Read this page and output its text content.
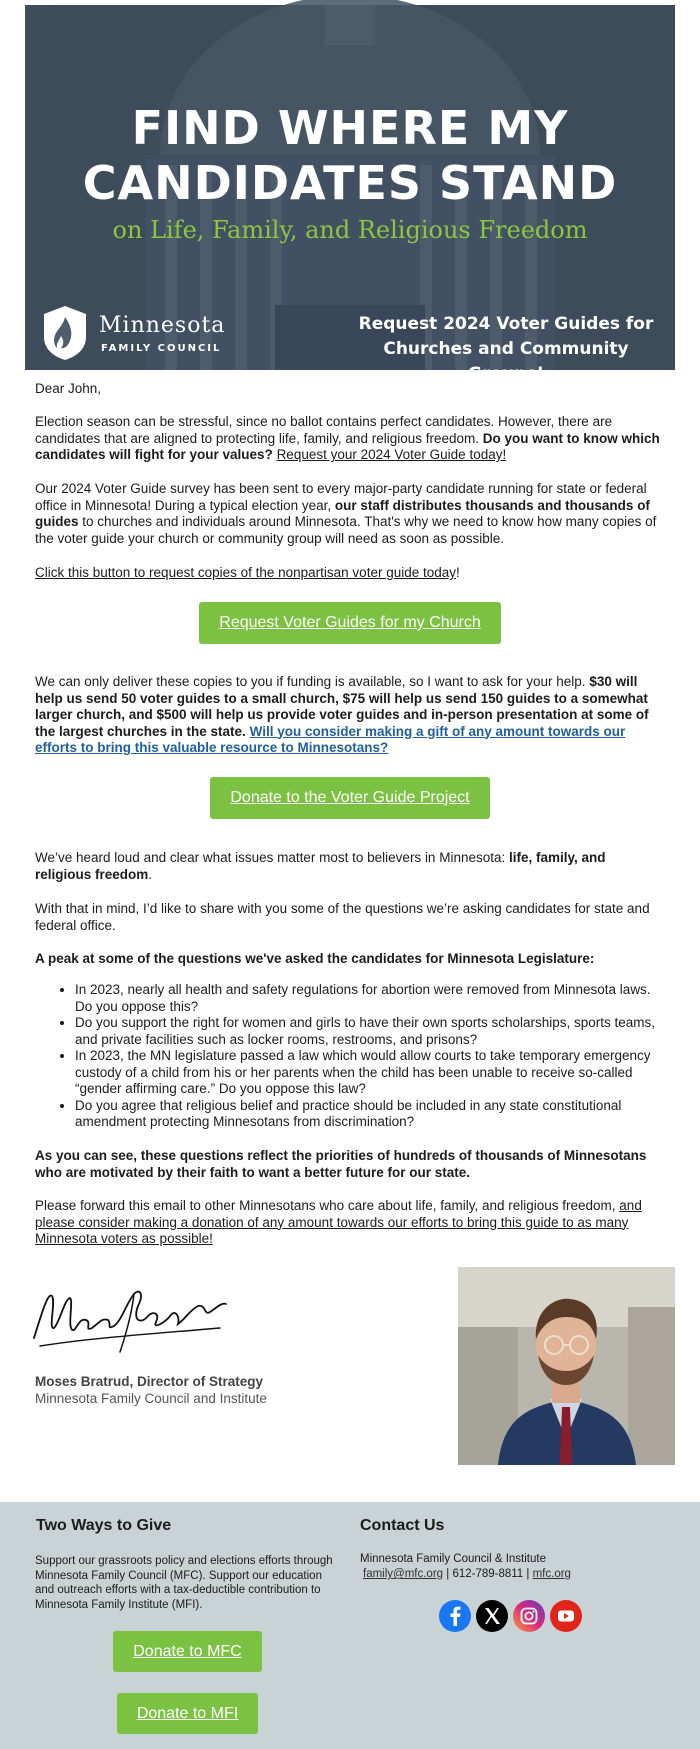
FIND WHERE MY
CANDIDATES STAND
on Life, Family, and Religious Freedom
Minnesota
FAMILY COUNCIL
Request 2024 Voter Guides for
Churches and Community Groups!

Dear John,

Election season can be stressful, since no ballot contains perfect candidates. However, there are candidates that are aligned to protecting life, family, and religious freedom. Do you want to know which candidates will fight for your values? Request your 2024 Voter Guide today!

Our 2024 Voter Guide survey has been sent to every major-party candidate running for state or federal office in Minnesota! During a typical election year, our staff distributes thousands and thousands of guides to churches and individuals around Minnesota. That's why we need to know how many copies of the voter guide your church or community group will need as soon as possible.

Click this button to request copies of the nonpartisan voter guide today!

Request Voter Guides for my Church

We can only deliver these copies to you if funding is available, so I want to ask for your help. $30 will help us send 50 voter guides to a small church, $75 will help us send 150 guides to a somewhat larger church, and $500 will help us provide voter guides and in-person presentation at some of the largest churches in the state. Will you consider making a gift of any amount towards our efforts to bring this valuable resource to Minnesotans?

Donate to the Voter Guide Project

We’ve heard loud and clear what issues matter most to believers in Minnesota: life, family, and religious freedom.

With that in mind, I’d like to share with you some of the questions we’re asking candidates for state and federal office.

A peak at some of the questions we've asked the candidates for Minnesota Legislature:

• In 2023, nearly all health and safety regulations for abortion were removed from Minnesota laws. Do you oppose this?
• Do you support the right for women and girls to have their own sports scholarships, sports teams, and private facilities such as locker rooms, restrooms, and prisons?
• In 2023, the MN legislature passed a law which would allow courts to take temporary emergency custody of a child from his or her parents when the child has been unable to receive so-called “gender affirming care.” Do you oppose this law?
• Do you agree that religious belief and practice should be included in any state constitutional amendment protecting Minnesotans from discrimination?

As you can see, these questions reflect the priorities of hundreds of thousands of Minnesotans who are motivated by their faith to want a better future for our state.

Please forward this email to other Minnesotans who care about life, family, and religious freedom, and please consider making a donation of any amount towards our efforts to bring this guide to as many Minnesota voters as possible!

Moses Bratrud, Director of Strategy
Minnesota Family Council and Institute
Two Ways to Give
Support our grassroots policy and elections efforts through Minnesota Family Council (MFC). Support our education and outreach efforts with a tax-deductible contribution to Minnesota Family Institute (MFI).
Donate to MFC
Donate to MFI
Contact Us
Minnesota Family Council & Institute
family@mfc.org | 612-789-8811 | mfc.org
